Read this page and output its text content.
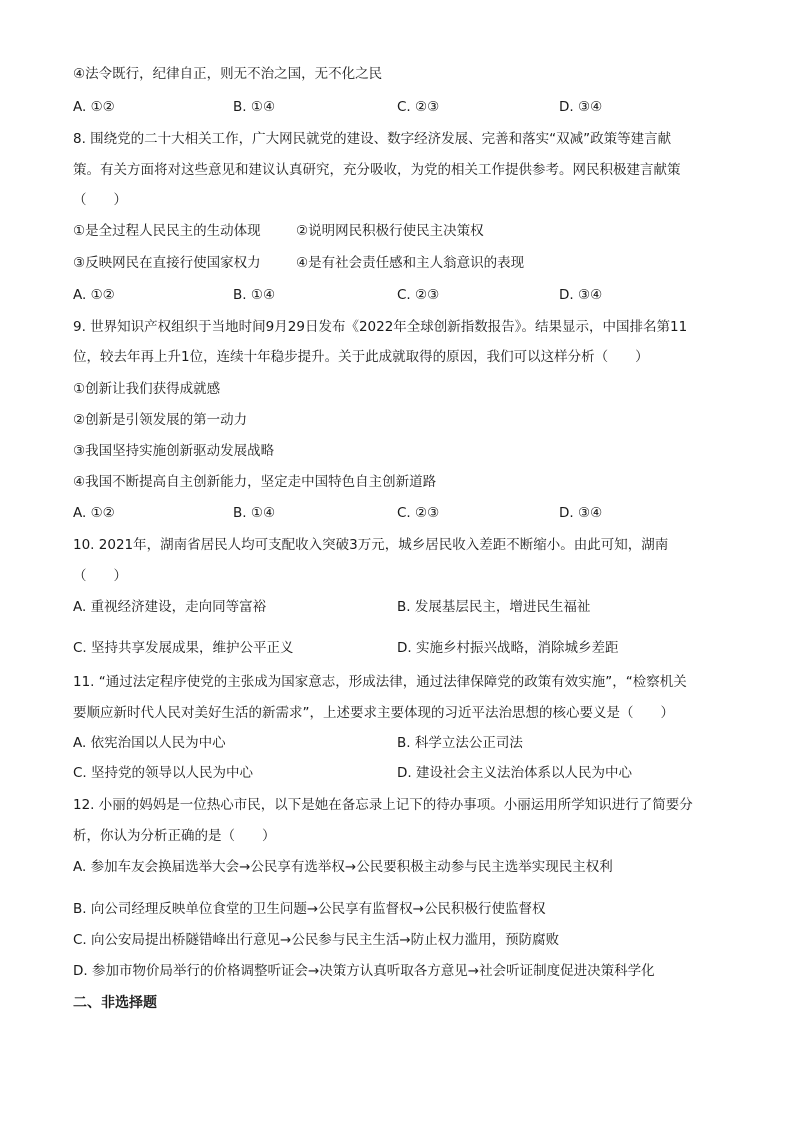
④法令既行，纪律自正，则无不治之国，无不化之民
A. ①②	B. ①④	C. ②③	D. ③④
8. 围绕党的二十大相关工作，广大网民就党的建设、数字经济发展、完善和落实“双减”政策等建言献
策。有关方面将对这些意见和建议认真研究，充分吸收，为党的相关工作提供参考。网民积极建言献策
（　　）
①是全过程人民民主的生动体现	②说明网民积极行使民主决策权
③反映网民在直接行使国家权力	④是有社会责任感和主人翁意识的表现
A. ①②	B. ①④	C. ②③	D. ③④
9. 世界知识产权组织于当地时间9月29日发布《2022年全球创新指数报告》。结果显示，中国排名第11
位，较去年再上升1位，连续十年稳步提升。关于此成就取得的原因，我们可以这样分析（　　）
①创新让我们获得成就感
②创新是引领发展的第一动力
③我国坚持实施创新驱动发展战略
④我国不断提高自主创新能力，坚定走中国特色自主创新道路
A. ①②	B. ①④	C. ②③	D. ③④
10. 2021年，湖南省居民人均可支配收入突破3万元，城乡居民收入差距不断缩小。由此可知，湖南
（　　）
A. 重视经济建设，走向同等富裕	B. 发展基层民主，增进民生福祉
C. 坚持共享发展成果，维护公平正义	D. 实施乡村振兴战略，消除城乡差距
11. “通过法定程序使党的主张成为国家意志，形成法律，通过法律保障党的政策有效实施”，“检察机关
要顺应新时代人民对美好生活的新需求”，上述要求主要体现的习近平法治思想的核心要义是（　　）
A. 依宪治国以人民为中心	B. 科学立法公正司法
C. 坚持党的领导以人民为中心	D. 建设社会主义法治体系以人民为中心
12. 小丽的妈妈是一位热心市民，以下是她在备忘录上记下的待办事项。小丽运用所学知识进行了简要分
析，你认为分析正确的是（　　）
A. 参加车友会换届选举大会→公民享有选举权→公民要积极主动参与民主选举实现民主权利
B. 向公司经理反映单位食堂的卫生问题→公民享有监督权→公民积极行使监督权
C. 向公安局提出桥隧错峰出行意见→公民参与民主生活→防止权力滥用，预防腐败
D. 参加市物价局举行的价格调整听证会→决策方认真听取各方意见→社会听证制度促进决策科学化
二、非选择题
